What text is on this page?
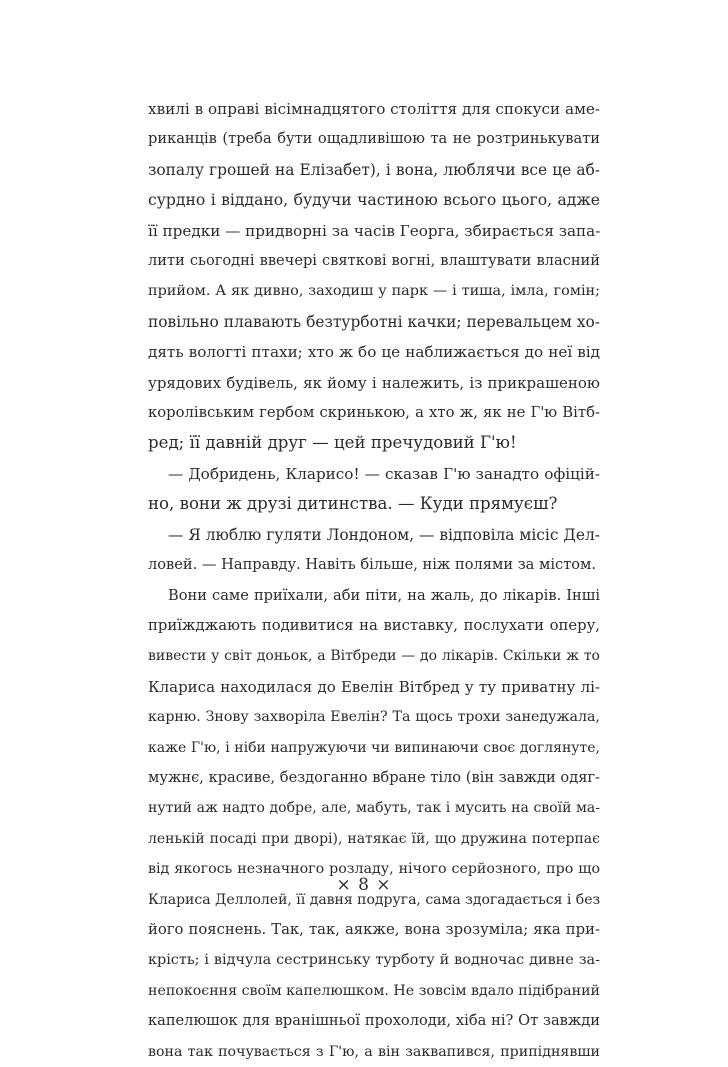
хвилі в оправі вісімнадцятого століття для спокуси аме-
риканців (треба бути ощадливішою та не розтринькувати
зопалу грошей на Елізабет), і вона, люблячи все це аб-
сурдно і віддано, будучи частиною всього цього, адже
її предки — придворні за часів Георга, збирається запа-
лити сьогодні ввечері святкові вогні, влаштувати власний
прийом. А як дивно, заходиш у парк — і тиша, імла, гомін;
повільно плавають безтурботні качки; перевальцем хо-
дять вологті птахи; хто ж бо це наближається до неї від
урядових будівель, як йому і належить, із прикрашеною
королівським гербом скринькою, а хто ж, як не Г'ю Вітб-
ред; її давній друг — цей пречудовий Г'ю!
— Добридень, Кларисо! — сказав Г'ю занадто офіцій-
но, вони ж друзі дитинства. — Куди прямуєш?
— Я люблю гуляти Лондоном, — відповіла місіс Дел-
ловей. — Направду. Навіть більше, ніж полями за містом.
Вони саме приїхали, аби піти, на жаль, до лікарів. Інші
приїжджають подивитися на виставку, послухати оперу,
вивести у світ доньок, а Вітбреди — до лікарів. Скільки ж то
Клариса находилася до Евелін Вітбред у ту приватну лі-
карню. Знову захворіла Евелін? Та щось трохи занедужала,
каже Г'ю, і ніби напружуючи чи випинаючи своє доглянуте,
мужнє, красиве, бездоганно вбране тіло (він завжди одяг-
нутий аж надто добре, але, мабуть, так і мусить на своїй ма-
ленькій посаді при дворі), натякає їй, що дружина потерпає
від якогось незначного розладу, нічого серйозного, про що
Клариса Деллолей, її давня подруга, сама здогадається і без
його пояснень. Так, так, аякже, вона зрозуміла; яка при-
крість; і відчула сестринську турботу й водночас дивне за-
непокоєння своїм капелюшком. Не зовсім вдало підібраний
капелюшок для вранішньої прохолоди, хіба ні? От завжди
вона так почувається з Г'ю, а він заквапився, припіднявши
× 8 ×
